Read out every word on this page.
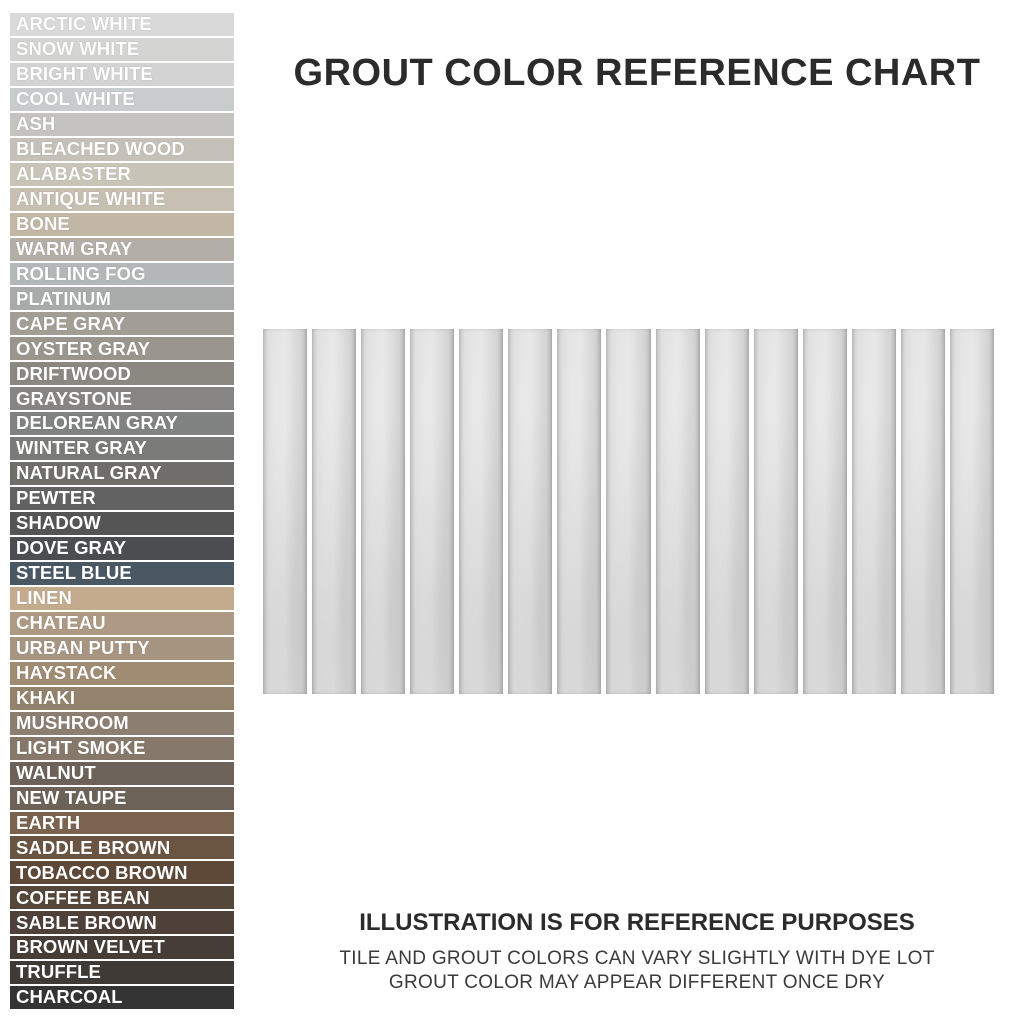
ARCTIC WHITE
SNOW WHITE
BRIGHT WHITE
COOL WHITE
ASH
BLEACHED WOOD
ALABASTER
ANTIQUE WHITE
BONE
WARM GRAY
ROLLING FOG
PLATINUM
CAPE GRAY
OYSTER GRAY
DRIFTWOOD
GRAYSTONE
DELOREAN GRAY
WINTER GRAY
NATURAL GRAY
PEWTER
SHADOW
DOVE GRAY
STEEL BLUE
LINEN
CHATEAU
URBAN PUTTY
HAYSTACK
KHAKI
MUSHROOM
LIGHT SMOKE
WALNUT
NEW TAUPE
EARTH
SADDLE BROWN
TOBACCO BROWN
COFFEE BEAN
SABLE BROWN
BROWN VELVET
TRUFFLE
CHARCOAL
GROUT COLOR REFERENCE CHART
ILLUSTRATION IS FOR REFERENCE PURPOSES
TILE AND GROUT COLORS CAN VARY SLIGHTLY WITH DYE LOT
GROUT COLOR MAY APPEAR DIFFERENT ONCE DRY
